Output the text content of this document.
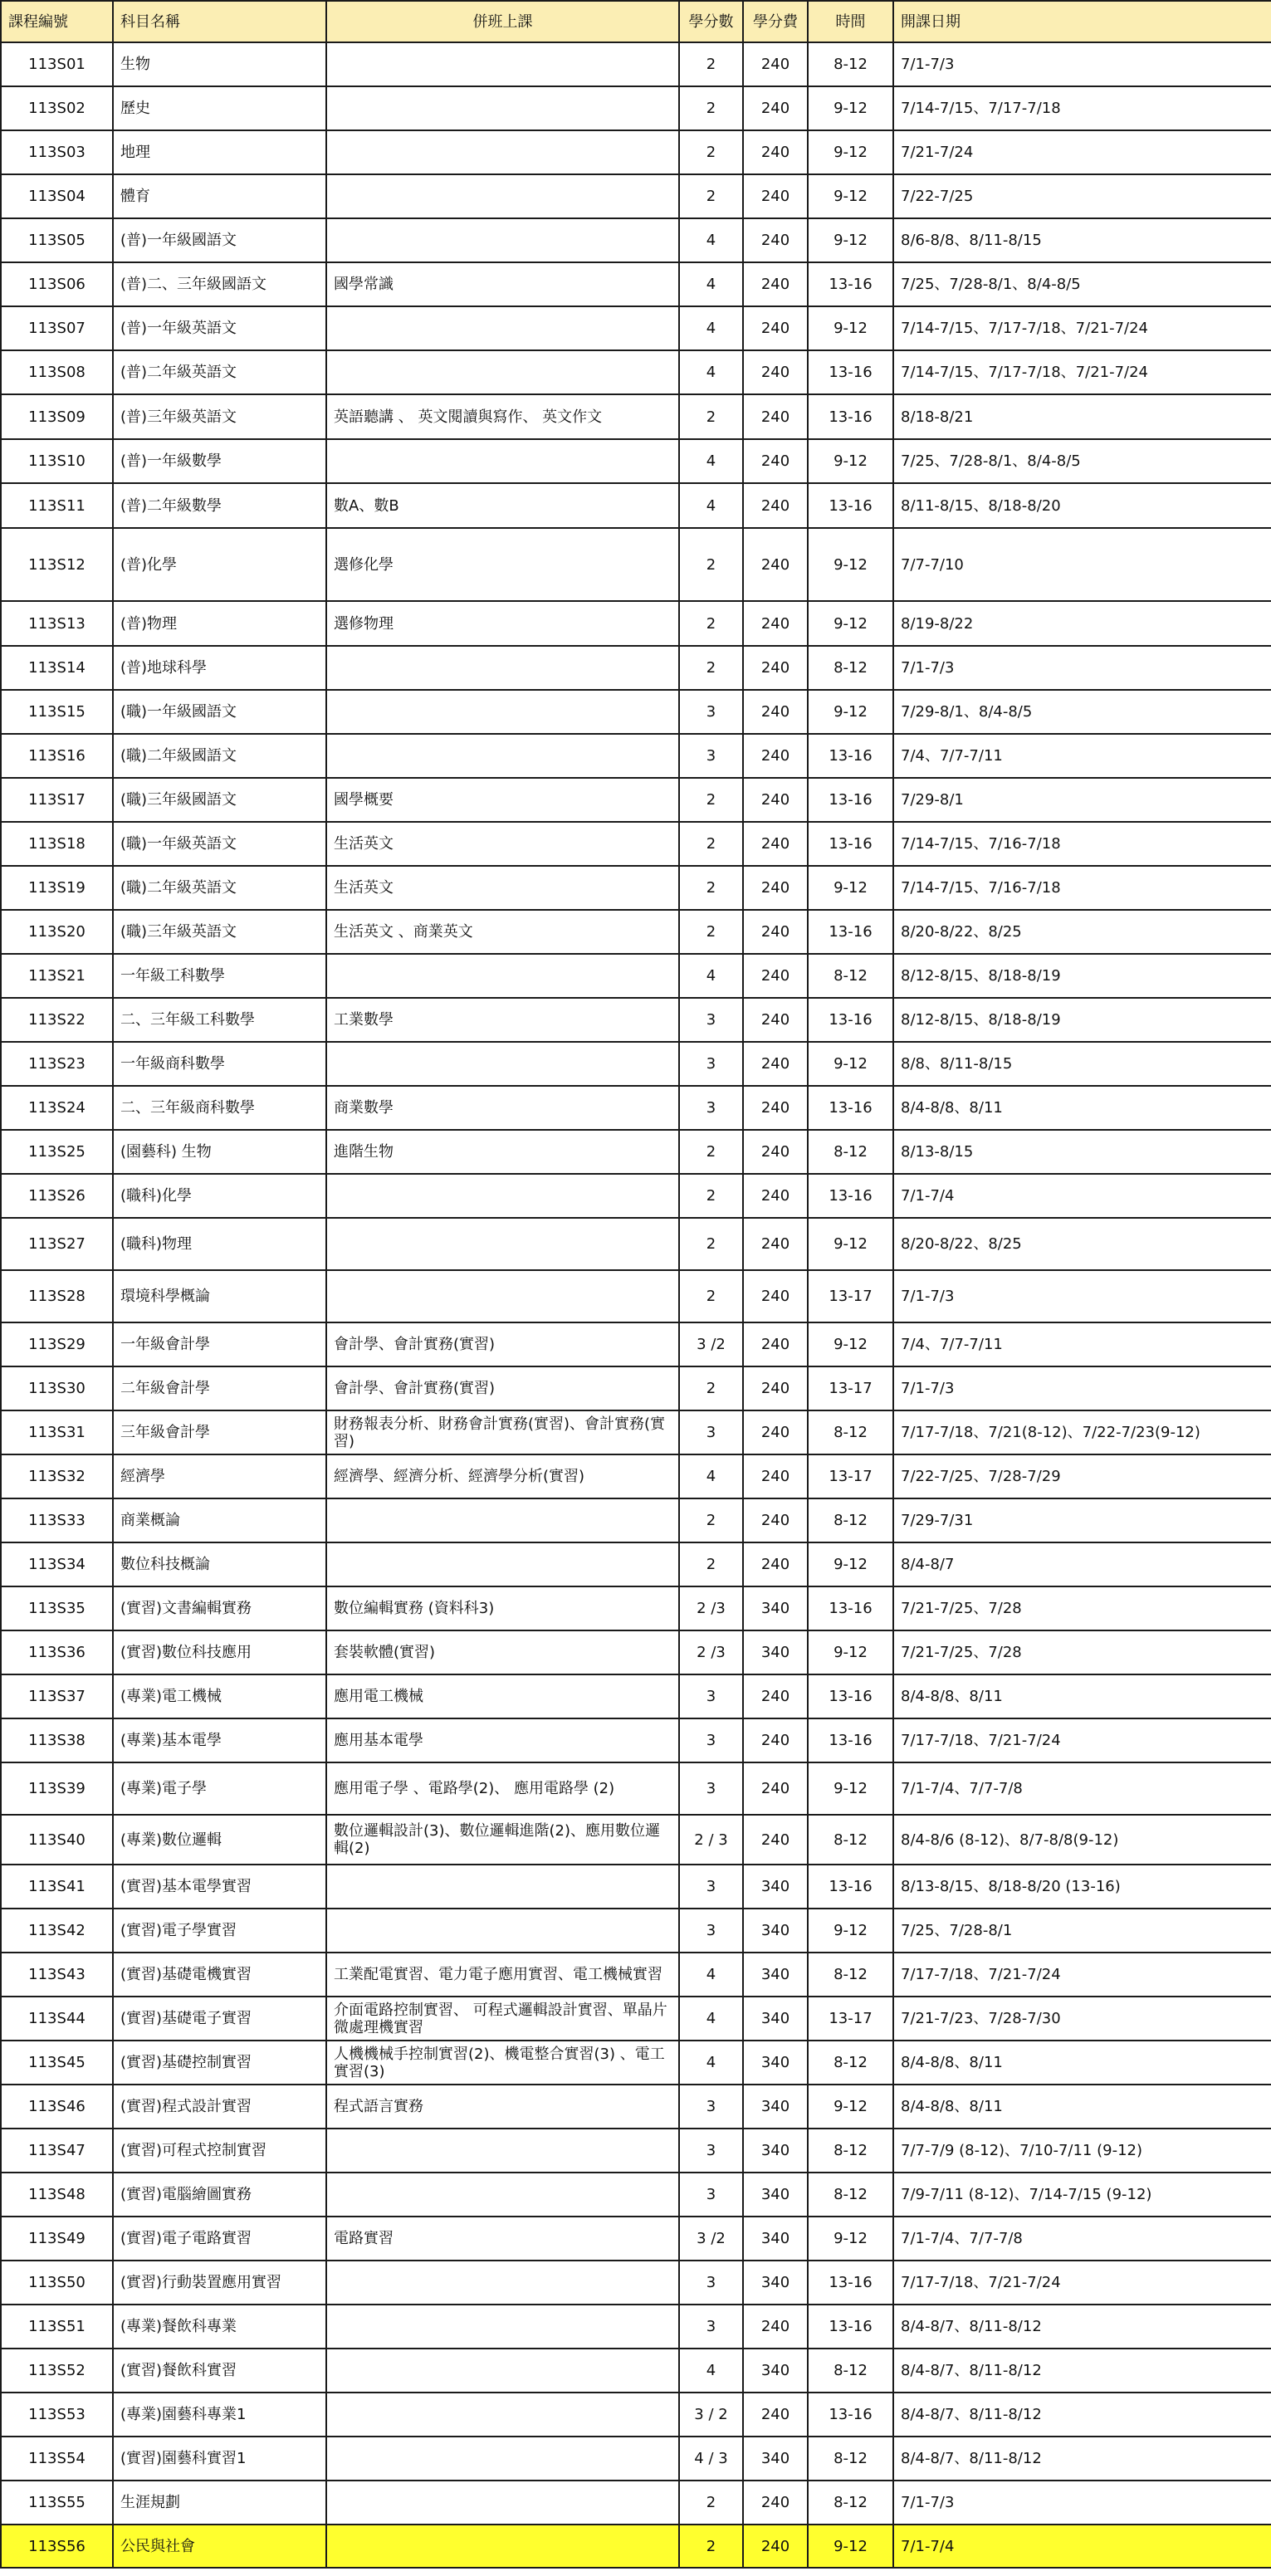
課程編號	科目名稱	併班上課	學分數	學分費	時間	開課日期
113S01	生物		2	240	8-12	7/1-7/3
113S02	歷史		2	240	9-12	7/14-7/15、7/17-7/18
113S03	地理		2	240	9-12	7/21-7/24
113S04	體育		2	240	9-12	7/22-7/25
113S05	(普)一年級國語文		4	240	9-12	8/6-8/8、8/11-8/15
113S06	(普)二、三年級國語文	國學常識	4	240	13-16	7/25、7/28-8/1、8/4-8/5
113S07	(普)一年級英語文		4	240	9-12	7/14-7/15、7/17-7/18、7/21-7/24
113S08	(普)二年級英語文		4	240	13-16	7/14-7/15、7/17-7/18、7/21-7/24
113S09	(普)三年級英語文	英語聽講 、 英文閱讀與寫作、 英文作文	2	240	13-16	8/18-8/21
113S10	(普)一年級數學		4	240	9-12	7/25、7/28-8/1、8/4-8/5
113S11	(普)二年級數學	數A、數B	4	240	13-16	8/11-8/15、8/18-8/20
113S12	(普)化學	選修化學	2	240	9-12	7/7-7/10
113S13	(普)物理	選修物理	2	240	9-12	8/19-8/22
113S14	(普)地球科學		2	240	8-12	7/1-7/3
113S15	(職)一年級國語文		3	240	9-12	7/29-8/1、8/4-8/5
113S16	(職)二年級國語文		3	240	13-16	7/4、7/7-7/11
113S17	(職)三年級國語文	國學概要	2	240	13-16	7/29-8/1
113S18	(職)一年級英語文	生活英文	2	240	13-16	7/14-7/15、7/16-7/18
113S19	(職)二年級英語文	生活英文	2	240	9-12	7/14-7/15、7/16-7/18
113S20	(職)三年級英語文	生活英文 、商業英文	2	240	13-16	8/20-8/22、8/25
113S21	一年級工科數學		4	240	8-12	8/12-8/15、8/18-8/19
113S22	二、三年級工科數學	工業數學	3	240	13-16	8/12-8/15、8/18-8/19
113S23	一年級商科數學		3	240	9-12	8/8、8/11-8/15
113S24	二、三年級商科數學	商業數學	3	240	13-16	8/4-8/8、8/11
113S25	(園藝科) 生物	進階生物	2	240	8-12	8/13-8/15
113S26	(職科)化學		2	240	13-16	7/1-7/4
113S27	(職科)物理		2	240	9-12	8/20-8/22、8/25
113S28	環境科學概論		2	240	13-17	7/1-7/3
113S29	一年級會計學	會計學、會計實務(實習)	3 /2	240	9-12	7/4、7/7-7/11
113S30	二年級會計學	會計學、會計實務(實習)	2	240	13-17	7/1-7/3
113S31	三年級會計學	財務報表分析、財務會計實務(實習)、會計實務(實習)	3	240	8-12	7/17-7/18、7/21(8-12)、7/22-7/23(9-12)
113S32	經濟學	經濟學、經濟分析、經濟學分析(實習)	4	240	13-17	7/22-7/25、7/28-7/29
113S33	商業概論		2	240	8-12	7/29-7/31
113S34	數位科技概論		2	240	9-12	8/4-8/7
113S35	(實習)文書編輯實務	數位編輯實務 (資料科3)	2 /3	340	13-16	7/21-7/25、7/28
113S36	(實習)數位科技應用	套裝軟體(實習)	2 /3	340	9-12	7/21-7/25、7/28
113S37	(專業)電工機械	應用電工機械	3	240	13-16	8/4-8/8、8/11
113S38	(專業)基本電學	應用基本電學	3	240	13-16	7/17-7/18、7/21-7/24
113S39	(專業)電子學	應用電子學 、電路學(2)、 應用電路學 (2)	3	240	9-12	7/1-7/4、7/7-7/8
113S40	(專業)數位邏輯	數位邏輯設計(3)、數位邏輯進階(2)、應用數位邏輯(2)	2 / 3	240	8-12	8/4-8/6 (8-12)、8/7-8/8(9-12)
113S41	(實習)基本電學實習		3	340	13-16	8/13-8/15、8/18-8/20 (13-16)
113S42	(實習)電子學實習		3	340	9-12	7/25、7/28-8/1
113S43	(實習)基礎電機實習	工業配電實習、電力電子應用實習、電工機械實習	4	340	8-12	7/17-7/18、7/21-7/24
113S44	(實習)基礎電子實習	介面電路控制實習、 可程式邏輯設計實習、單晶片微處理機實習	4	340	13-17	7/21-7/23、7/28-7/30
113S45	(實習)基礎控制實習	人機機械手控制實習(2)、機電整合實習(3) 、電工實習(3)	4	340	8-12	8/4-8/8、8/11
113S46	(實習)程式設計實習	程式語言實務	3	340	9-12	8/4-8/8、8/11
113S47	(實習)可程式控制實習		3	340	8-12	7/7-7/9 (8-12)、7/10-7/11 (9-12)
113S48	(實習)電腦繪圖實務		3	340	8-12	7/9-7/11 (8-12)、7/14-7/15 (9-12)
113S49	(實習)電子電路實習	電路實習	3 /2	340	9-12	7/1-7/4、7/7-7/8
113S50	(實習)行動裝置應用實習		3	340	13-16	7/17-7/18、7/21-7/24
113S51	(專業)餐飲科專業		3	240	13-16	8/4-8/7、8/11-8/12
113S52	(實習)餐飲科實習		4	340	8-12	8/4-8/7、8/11-8/12
113S53	(專業)園藝科專業1		3 / 2	240	13-16	8/4-8/7、8/11-8/12
113S54	(實習)園藝科實習1		4 / 3	340	8-12	8/4-8/7、8/11-8/12
113S55	生涯規劃		2	240	8-12	7/1-7/3
113S56	公民與社會		2	240	9-12	7/1-7/4
